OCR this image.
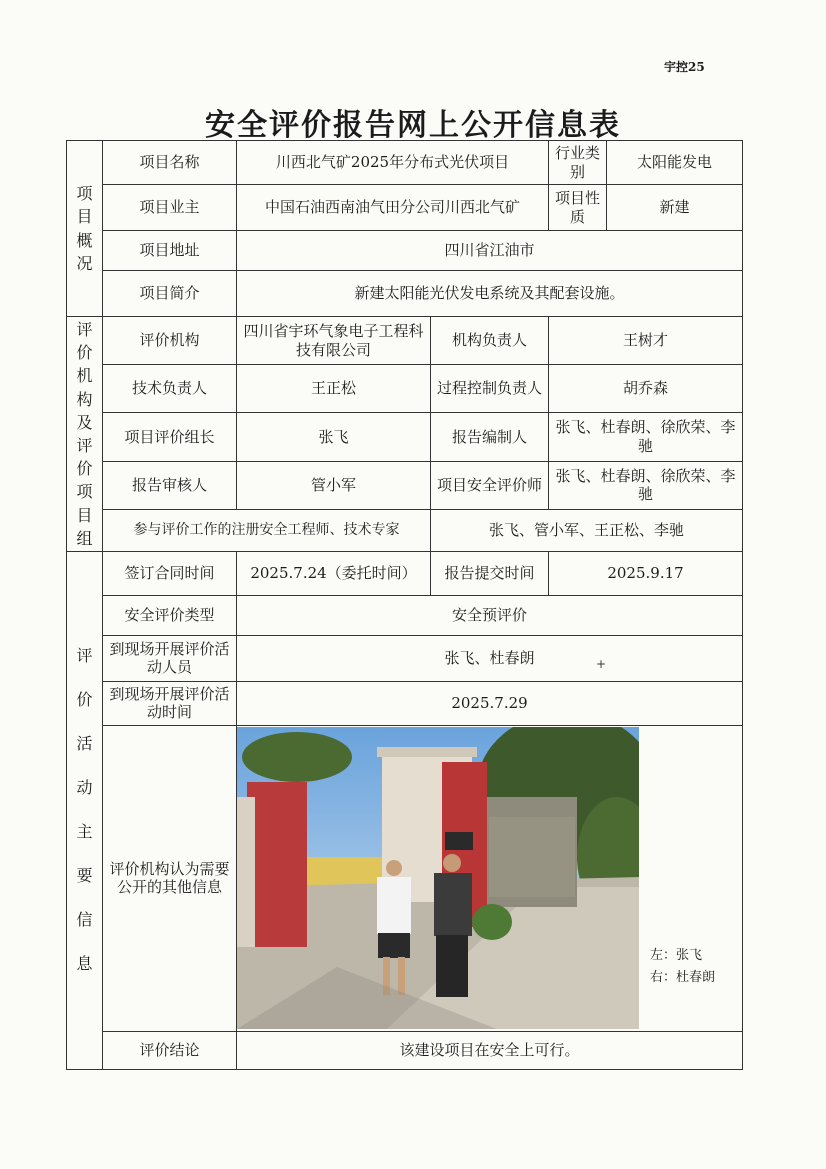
宇控25
安全评价报告网上公开信息表
项目概况	项目名称	川西北气矿2025年分布式光伏项目		行业类别	太阳能发电
	项目业主	中国石油西南油气田分公司川西北气矿		项目性质	新建
	项目地址	四川省江油市			
	项目简介	新建太阳能光伏发电系统及其配套设施。			
评价机构及评价项目组	评价机构	四川省宇环气象电子工程科技有限公司	机构负责人	王树才	
	技术负责人	王正松	过程控制负责人	胡乔森	
	项目评价组长	张飞	报告编制人	张飞、杜春朗、徐欣荣、李驰	
	报告审核人	管小军	项目安全评价师	张飞、杜春朗、徐欣荣、李驰	
	参与评价工作的注册安全工程师、技术专家		张飞、管小军、王正松、李驰		
评价活动主要信息	签订合同时间	2025.7.24（委托时间）	报告提交时间	2025.9.17	
	安全评价类型	安全预评价			
	到现场开展评价活动人员	张飞、杜春朗			
	到现场开展评价活动时间	2025.7.29			
	评价机构认为需要公开的其他信息	

	评价结论	该建设项目在安全上可行。			
左：张飞
右：杜春朗
+
